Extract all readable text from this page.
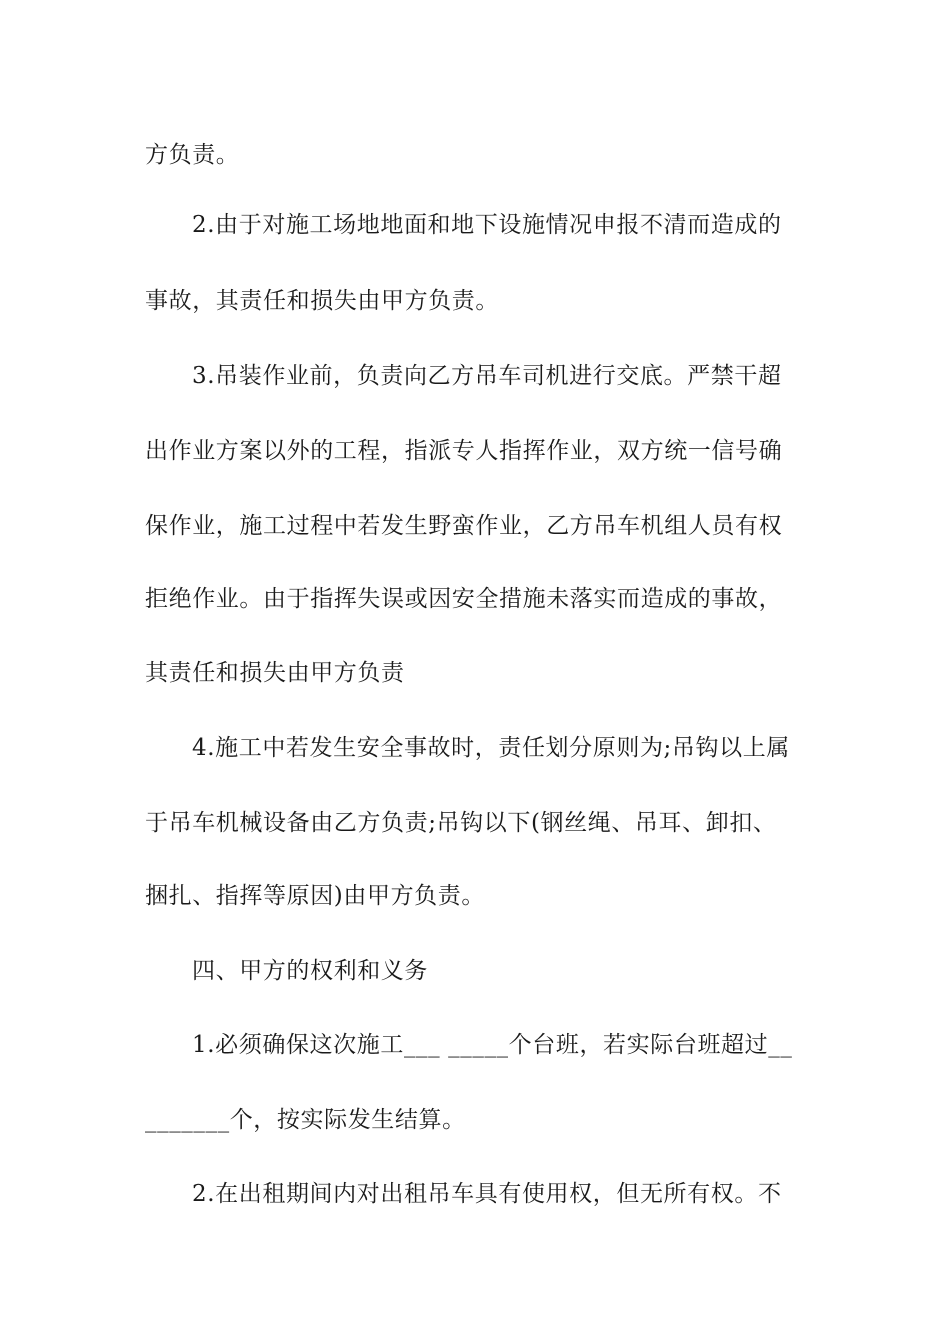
方负责。
2.由于对施工场地地面和地下设施情况申报不清而造成的
事故，其责任和损失由甲方负责。
3.吊装作业前，负责向乙方吊车司机进行交底。严禁干超
出作业方案以外的工程，指派专人指挥作业，双方统一信号确
保作业，施工过程中若发生野蛮作业，乙方吊车机组人员有权
拒绝作业。由于指挥失误或因安全措施未落实而造成的事故，
其责任和损失由甲方负责
4.施工中若发生安全事故时，责任划分原则为;吊钩以上属
于吊车机械设备由乙方负责;吊钩以下(钢丝绳、吊耳、卸扣、
捆扎、指挥等原因)由甲方负责。
四、甲方的权利和义务
1.必须确保这次施工___ _____个台班，若实际台班超过__
_______个，按实际发生结算。
2.在出租期间内对出租吊车具有使用权，但无所有权。不
